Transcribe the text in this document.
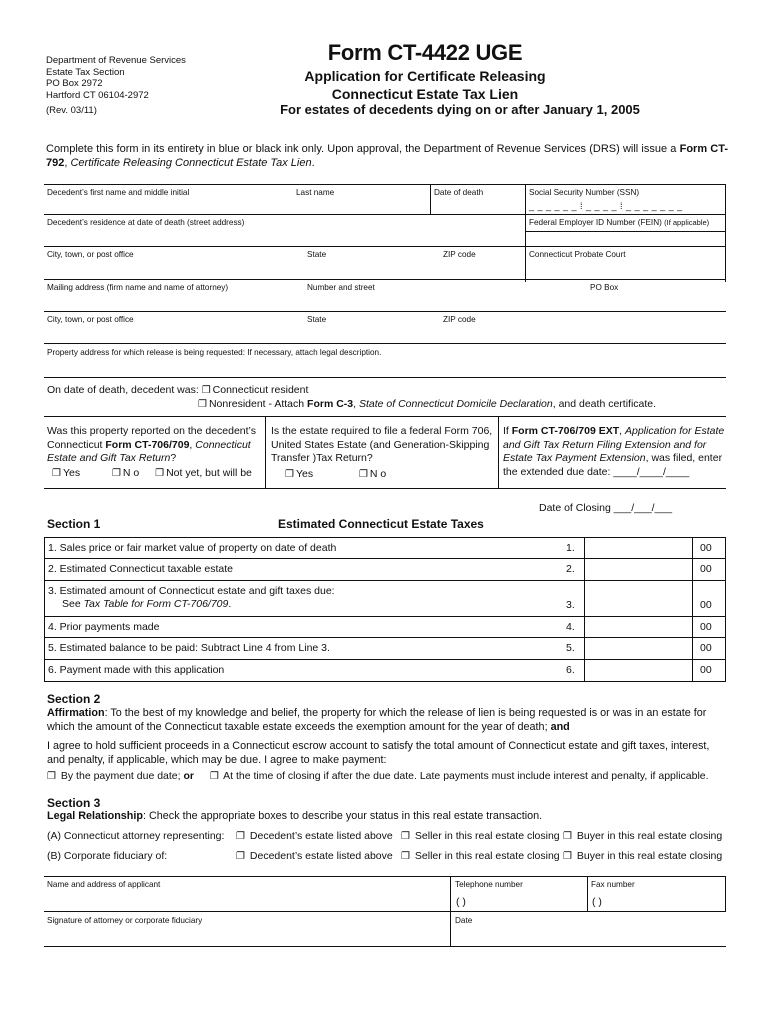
Department of Revenue Services
Estate Tax Section
PO Box 2972
Hartford CT 06104-2972
(Rev. 03/11)
Form CT-4422 UGE
Application for Certificate Releasing
Connecticut Estate Tax Lien
For estates of decedents dying on or after January 1, 2005
Complete this form in its entirety in blue or black ink only. Upon approval, the Department of Revenue Services (DRS) will issue a Form CT-792, Certificate Releasing Connecticut Estate Tax Lien.
Decedent’s first name and middle initial	Last name	Date of death	Social Security Number (SSN)
_ _ _ _ _ _ ⁞ _ _ _ _ ⁞ _ _ _ _ _ _ _
Decedent’s residence at date of death (street address)	Federal Employer ID Number (FEIN) (If applicable)
City, town, or post office	State	ZIP code	Connecticut Probate Court
Mailing address (firm name and name of attorney)	Number and street	PO Box
City, town, or post office	State	ZIP code
Property address for which release is being requested: If necessary, attach legal description.
On date of death, decedent was: ❐ Connecticut resident
❐ Nonresident - Attach Form C-3, State of Connecticut Domicile Declaration, and death certificate.
Was this property reported on the decedent’s
Connecticut Form CT-706/709, Connecticut
Estate and Gift Tax Return?
❐ Yes	❐ N o ❐ Not yet, but will be
Is the estate required to file a federal Form 706,
United States Estate (and Generation-Skipping
Transfer )Tax Return?
❐ Yes	❐ N o
If Form CT-706/709 EXT, Application for Estate
and Gift Tax Return Filing Extension and for
Estate Tax Payment Extension, was filed, enter
the extended due date: ____/____/____
Date of Closing ___/___/___
Section 1	Estimated Connecticut Estate Taxes
1. Sales price or fair market value of property on date of death	1.	00
2. Estimated Connecticut taxable estate	2.	00
3. Estimated amount of Connecticut estate and gift taxes due:
See Tax Table for Form CT-706/709.	3.	00
4. Prior payments made	4.	00
5. Estimated balance to be paid: Subtract Line 4 from Line 3.	5.	00
6. Payment made with this application	6.	00
Section 2
Affirmation: To the best of my knowledge and belief, the property for which the release of lien is being requested is or was in an estate for which the amount of the Connecticut taxable estate exceeds the exemption amount for the year of death; and
I agree to hold sufficient proceeds in a Connecticut escrow account to satisfy the total amount of Connecticut estate and gift taxes, interest, and penalty, if applicable, which may be due. I agree to make payment:
❐ By the payment due date; or ❐ At the time of closing if after the due date. Late payments must include interest and penalty, if applicable.
Section 3
Legal Relationship: Check the appropriate boxes to describe your status in this real estate transaction.
(A) Connecticut attorney representing: ❐ Decedent’s estate listed above ❐ Seller in this real estate closing ❐ Buyer in this real estate closing
(B) Corporate fiduciary of:	❐ Decedent’s estate listed above ❐ Seller in this real estate closing ❐ Buyer in this real estate closing
Name and address of applicant	Telephone number	Fax number
( )	( )
Signature of attorney or corporate fiduciary	Date
